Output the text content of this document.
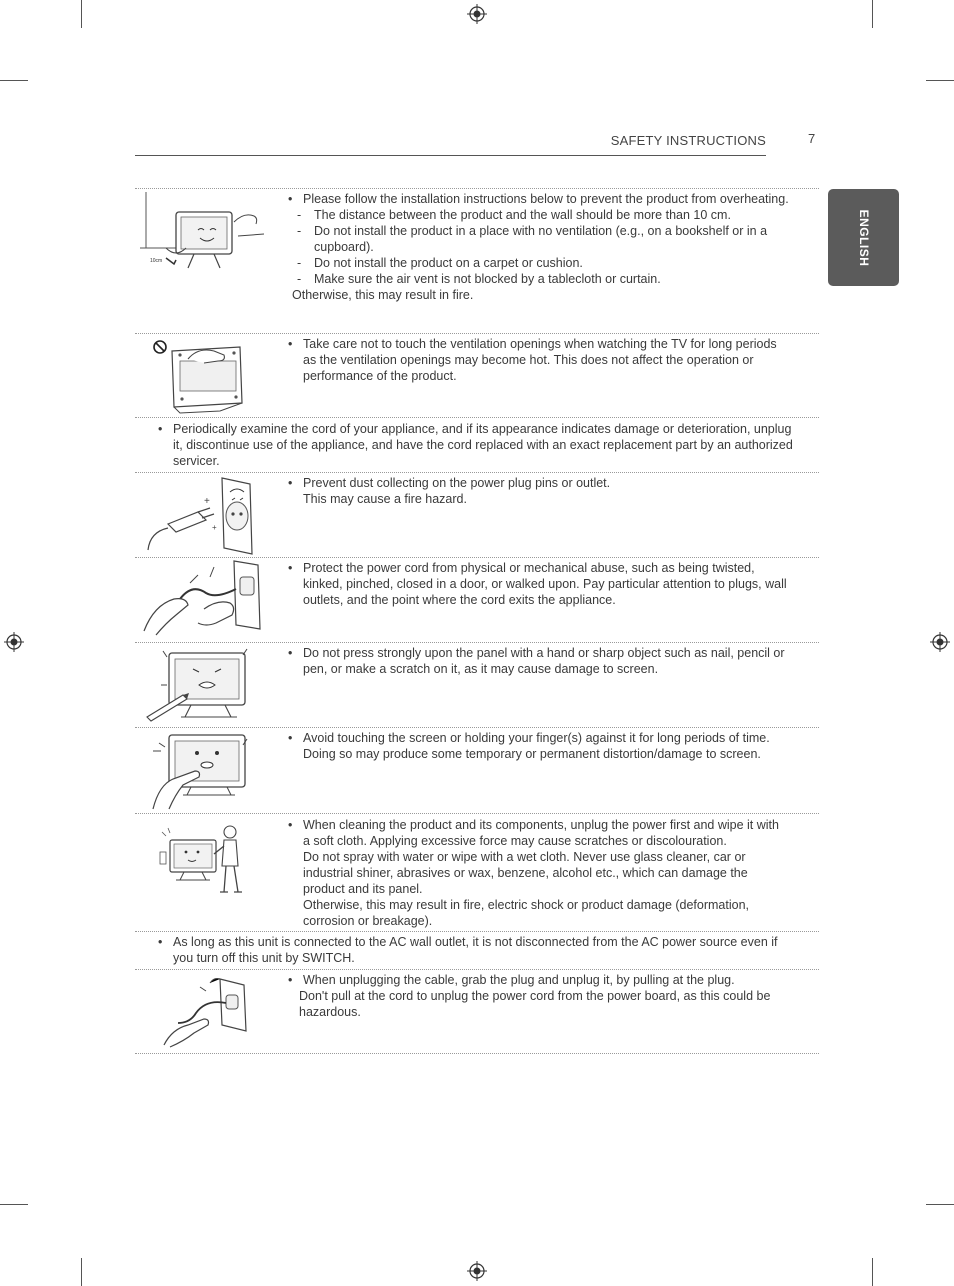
SAFETY INSTRUCTIONS	7
ENGLISH
10cm
• Please follow the installation instructions below to prevent the product from overheating.
- The distance between the product and the wall should be more than 10 cm.
- Do not install the product in a place with no ventilation (e.g., on a bookshelf or in a cupboard).
- Do not install the product on a carpet or cushion.
- Make sure the air vent is not blocked by a tablecloth or curtain.
Otherwise, this may result in fire.
• Take care not to touch the ventilation openings when watching the TV for long periods as the ventilation openings may become hot. This does not affect the operation or performance of the product.
• Periodically examine the cord of your appliance, and if its appearance indicates damage or deterioration, unplug it, discontinue use of the appliance, and have the cord replaced with an exact replacement part by an authorized servicer.
+
+
• Prevent dust collecting on the power plug pins or outlet.
This may cause a fire hazard.
• Protect the power cord from physical or mechanical abuse, such as being twisted, kinked, pinched, closed in a door, or walked upon. Pay particular attention to plugs, wall outlets, and the point where the cord exits the appliance.
• Do not press strongly upon the panel with a hand or sharp object such as nail, pencil or pen, or make a scratch on it, as it may cause damage to screen.
• Avoid touching the screen or holding your finger(s) against it for long periods of time.
Doing so may produce some temporary or permanent distortion/damage to screen.
• When cleaning the product and its components, unplug the power first and wipe it with a soft cloth. Applying excessive force may cause scratches or discolouration.
Do not spray with water or wipe with a wet cloth. Never use glass cleaner, car or industrial shiner, abrasives or wax, benzene, alcohol etc., which can damage the product and its panel.
Otherwise, this may result in fire, electric shock or product damage (deformation, corrosion or breakage).
• As long as this unit is connected to the AC wall outlet, it is not disconnected from the AC power source even if you turn off this unit by SWITCH.
• When unplugging the cable, grab the plug and unplug it, by pulling at the plug.
Don't pull at the cord to unplug the power cord from the power board, as this could be hazardous.
